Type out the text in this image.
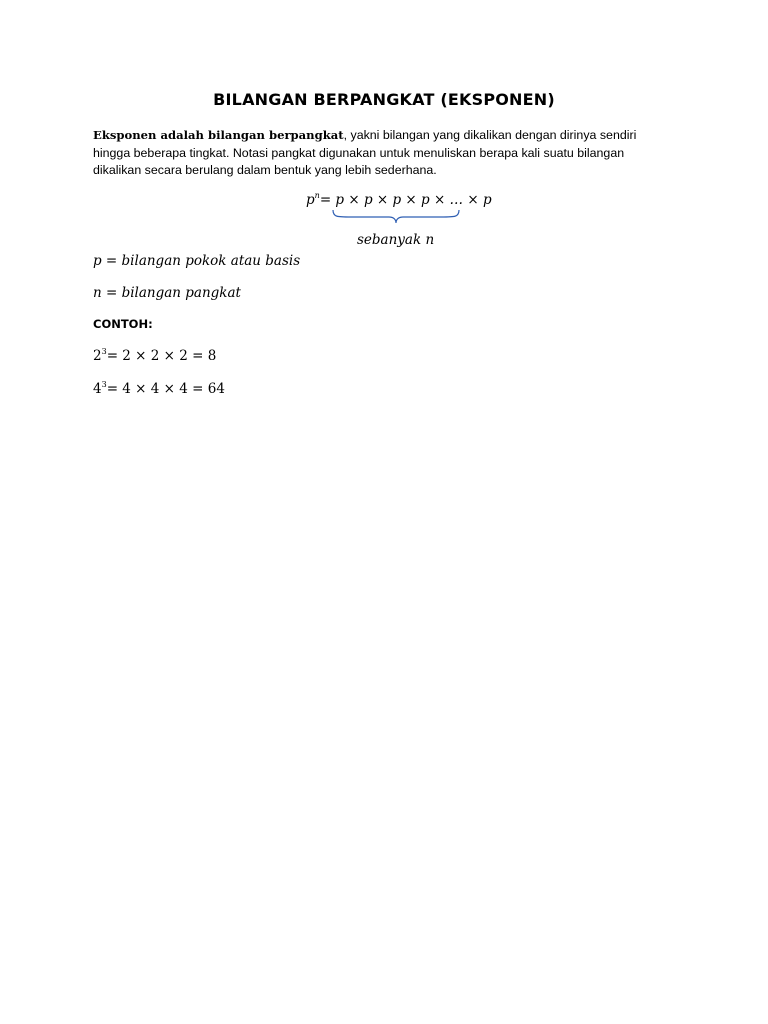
BILANGAN BERPANGKAT (EKSPONEN)
Eksponen adalah bilangan berpangkat, yakni bilangan yang dikalikan dengan dirinya sendiri
hingga beberapa tingkat. Notasi pangkat digunakan untuk menuliskan berapa kali suatu bilangan
dikalikan secara berulang dalam bentuk yang lebih sederhana.
$p^n= p \times p \times p \times p$ × … × p
sebanyak n
p = bilangan pokok atau basis
n = bilangan pangkat
CONTOH:
$2^3= 2 \times 2 \times 2 = 8$
$4^3= 4 \times 4 \times 4 = 64$
